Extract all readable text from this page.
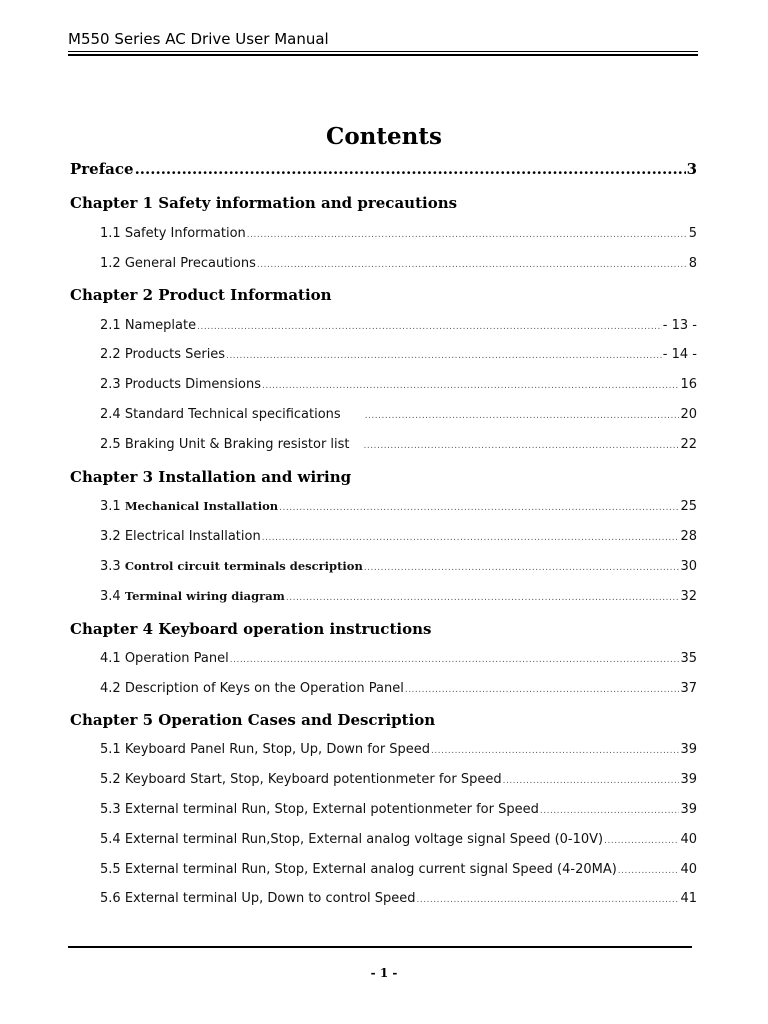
M550 Series AC Drive User Manual
Contents
Preface .....	3
Chapter 1 Safety information and precautions
1.1 Safety Information .....	5
1.2 General Precautions .....	8
Chapter 2 Product Information
2.1 Nameplate .....	- 13 -
2.2 Products Series .....	- 14 -
2.3 Products Dimensions .....	16
2.4 Standard Technical specifications .....	20
2.5 Braking Unit & Braking resistor list .....	22
Chapter 3 Installation and wiring
3.1 Mechanical Installation .....	25
3.2 Electrical Installation .....	28
3.3 Control circuit terminals description .....	30
3.4 Terminal wiring diagram .....	32
Chapter 4 Keyboard operation instructions
4.1 Operation Panel .....	35
4.2 Description of Keys on the Operation Panel .....	37
Chapter 5 Operation Cases and Description
5.1 Keyboard Panel Run, Stop, Up, Down for Speed .....	39
5.2 Keyboard Start, Stop, Keyboard potentionmeter for Speed .....	39
5.3 External terminal Run, Stop, External potentionmeter for Speed .....	39
5.4 External terminal Run,Stop, External analog voltage signal Speed (0-10V) .....	40
5.5 External terminal Run, Stop, External analog current signal Speed (4-20MA) .....	40
5.6 External terminal Up, Down to control Speed .....	41
- 1 -
